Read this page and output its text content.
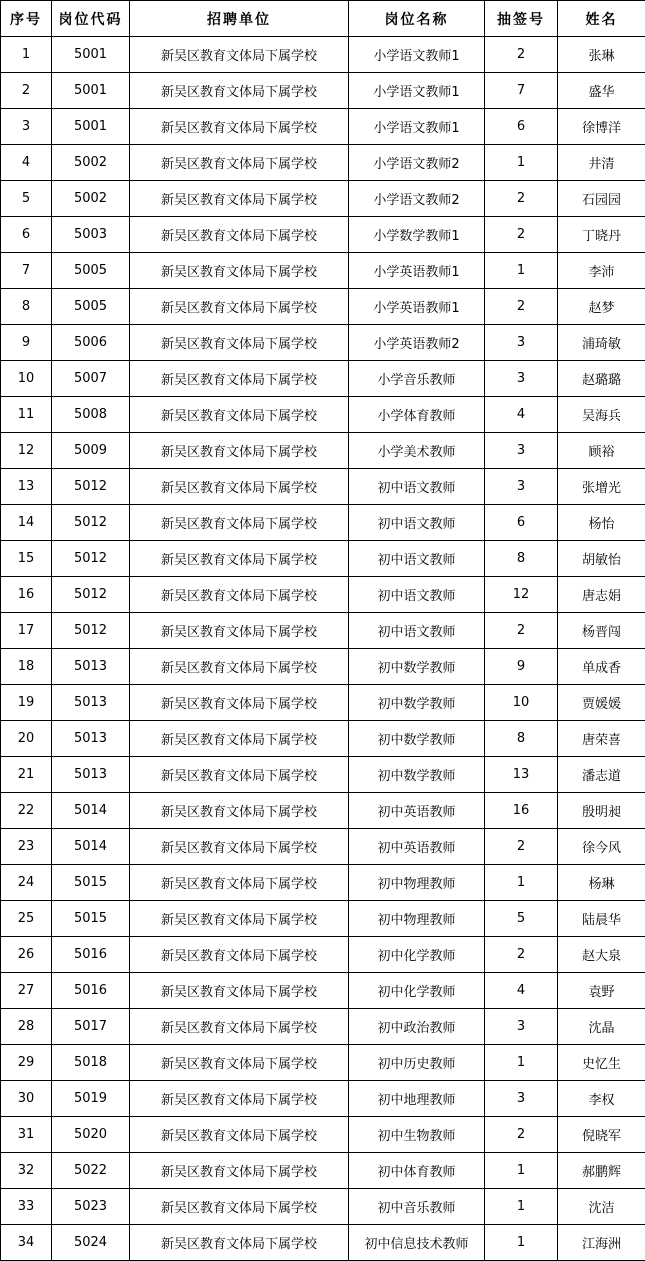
序号	岗位代码	招聘单位	岗位名称	抽签号	姓名
1	5001	新吴区教育文体局下属学校	小学语文教师1	2	张琳
2	5001	新吴区教育文体局下属学校	小学语文教师1	7	盛华
3	5001	新吴区教育文体局下属学校	小学语文教师1	6	徐博洋
4	5002	新吴区教育文体局下属学校	小学语文教师2	1	井清
5	5002	新吴区教育文体局下属学校	小学语文教师2	2	石园园
6	5003	新吴区教育文体局下属学校	小学数学教师1	2	丁晓丹
7	5005	新吴区教育文体局下属学校	小学英语教师1	1	李沛
8	5005	新吴区教育文体局下属学校	小学英语教师1	2	赵梦
9	5006	新吴区教育文体局下属学校	小学英语教师2	3	浦琦敏
10	5007	新吴区教育文体局下属学校	小学音乐教师	3	赵璐璐
11	5008	新吴区教育文体局下属学校	小学体育教师	4	吴海兵
12	5009	新吴区教育文体局下属学校	小学美术教师	3	顾裕
13	5012	新吴区教育文体局下属学校	初中语文教师	3	张增光
14	5012	新吴区教育文体局下属学校	初中语文教师	6	杨怡
15	5012	新吴区教育文体局下属学校	初中语文教师	8	胡敏怡
16	5012	新吴区教育文体局下属学校	初中语文教师	12	唐志娟
17	5012	新吴区教育文体局下属学校	初中语文教师	2	杨晋闯
18	5013	新吴区教育文体局下属学校	初中数学教师	9	单成香
19	5013	新吴区教育文体局下属学校	初中数学教师	10	贾媛媛
20	5013	新吴区教育文体局下属学校	初中数学教师	8	唐荣喜
21	5013	新吴区教育文体局下属学校	初中数学教师	13	潘志道
22	5014	新吴区教育文体局下属学校	初中英语教师	16	殷明昶
23	5014	新吴区教育文体局下属学校	初中英语教师	2	徐今风
24	5015	新吴区教育文体局下属学校	初中物理教师	1	杨琳
25	5015	新吴区教育文体局下属学校	初中物理教师	5	陆晨华
26	5016	新吴区教育文体局下属学校	初中化学教师	2	赵大泉
27	5016	新吴区教育文体局下属学校	初中化学教师	4	袁野
28	5017	新吴区教育文体局下属学校	初中政治教师	3	沈晶
29	5018	新吴区教育文体局下属学校	初中历史教师	1	史忆生
30	5019	新吴区教育文体局下属学校	初中地理教师	3	李权
31	5020	新吴区教育文体局下属学校	初中生物教师	2	倪晓军
32	5022	新吴区教育文体局下属学校	初中体育教师	1	郝鹏辉
33	5023	新吴区教育文体局下属学校	初中音乐教师	1	沈洁
34	5024	新吴区教育文体局下属学校	初中信息技术教师	1	江海洲
